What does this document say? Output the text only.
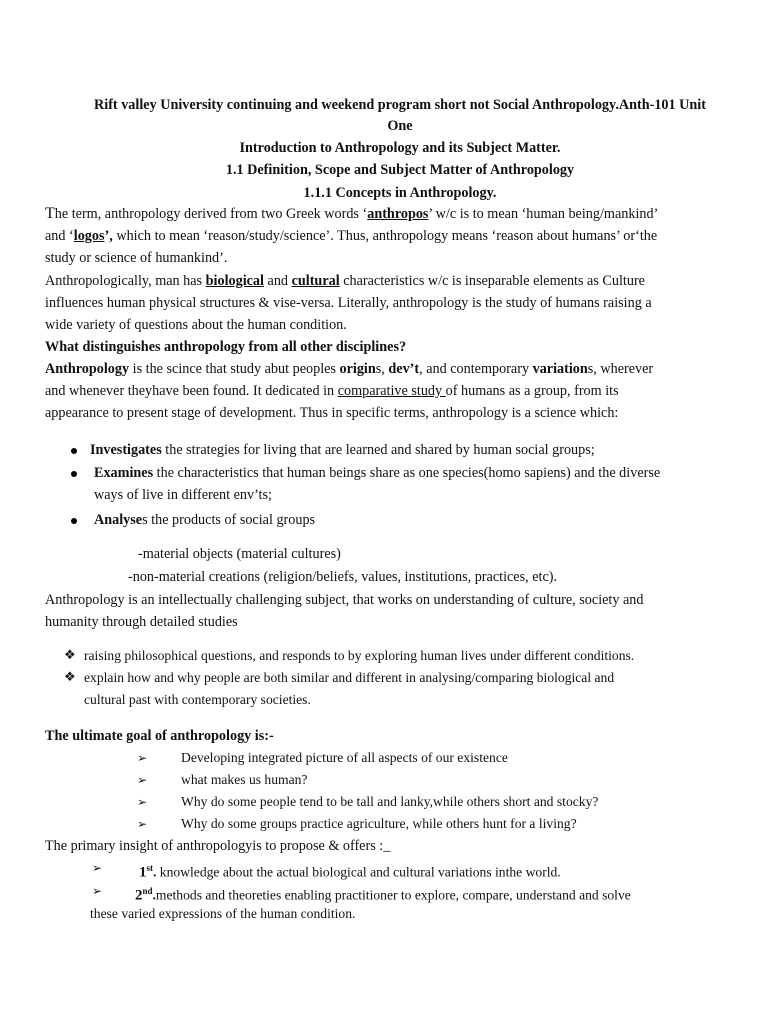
Rift valley University continuing and weekend program short not Social Anthropology.Anth-101 Unit
One
Introduction to Anthropology and its Subject Matter.
1.1 Definition, Scope and Subject Matter of Anthropology
1.1.1 Concepts in Anthropology.
The term, anthropology derived from two Greek words ‘anthropos’ w/c is to mean ‘human being/mankind’
and ‘logos’, which to mean ‘reason/study/science’. Thus, anthropology means ‘reason about humans’ or‘the
study or science of humankind’.
Anthropologically, man has biological and cultural characteristics w/c is inseparable elements as Culture
influences human physical structures & vise-versa. Literally, anthropology is the study of humans raising a
wide variety of questions about the human condition.
What distinguishes anthropology from all other disciplines?
Anthropology is the scince that study abut peoples origins, dev’t, and contemporary variations, wherever
and whenever theyhave been found. It dedicated in comparative study of humans as a group, from its
appearance to present stage of development. Thus in specific terms, anthropology is a science which:
Investigates the strategies for living that are learned and shared by human social groups;
Examines the characteristics that human beings share as one species(homo sapiens) and the diverse
ways of live in different env’ts;
Analyses the products of social groups
-material objects (material cultures)
-non-material creations (religion/beliefs, values, institutions, practices, etc).
Anthropology is an intellectually challenging subject, that works on understanding of culture, society and
humanity through detailed studies
❖ raising philosophical questions, and responds to by exploring human lives under different conditions.
❖ explain how and why people are both similar and different in analysing/comparing biological and
cultural past with contemporary societies.
The ultimate goal of anthropology is:-
➢ Developing integrated picture of all aspects of our existence
➢ what makes us human?
➢ Why do some people tend to be tall and lanky,while others short and stocky?
➢ Why do some groups practice agriculture, while others hunt for a living?
The primary insight of anthropologyis to propose & offers :_
➢ 1st. knowledge about the actual biological and cultural variations inthe world.
➢ 2nd.methods and theoreties enabling practitioner to explore, compare, understand and solve
these varied expressions of the human condition.
